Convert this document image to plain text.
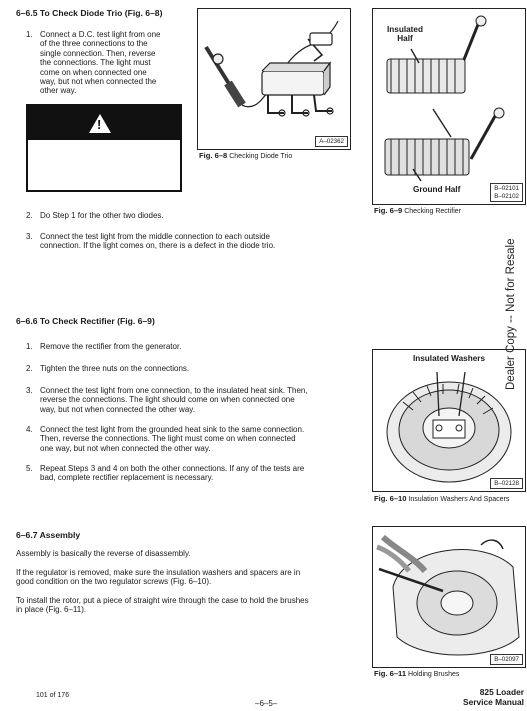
6–6.5 To Check Diode Trio (Fig. 6–8)
1. Connect a D.C. test light from one
of the three connections to the
single connection. Then, reverse
the connections. The light must
come on when connected one
way, but not when connected the
other way.
!
A–02362
Fig. 6–8 Checking Diode Trio
2. Do Step 1 for the other two diodes.
3. Connect the test light from the middle connection to each outside
connection. If the light comes on, there is a defect in the diode trio.
Insulated
Half
Ground Half	B–02101
B–02102
Fig. 6–9 Checking Rectifier
6–6.6 To Check Rectifier (Fig. 6–9)
1. Remove the rectifier from the generator.
2. Tighten the three nuts on the connections.
3. Connect the test light from one connection, to the insulated heat sink. Then,
reverse the connections. The light should come on when connected one
way, but not when connected the other way.
4. Connect the test light from the grounded heat sink to the same connection.
Then, reverse the connections. The light must come on when connected
one way, but not when connected the other way.
5. Repeat Steps 3 and 4 on both the other connections. If any of the tests are
bad, complete rectifier replacement is necessary.
Insulated Washers
B–02128
Fig. 6–10 Insulation Washers And Spacers
6–6.7 Assembly
Assembly is basically the reverse of disassembly.
If the regulator is removed, make sure the insulation washers and spacers are in
good condition on the two regulator screws (Fig. 6–10).
To install the rotor, put a piece of straight wire through the case to hold the brushes
in place (Fig. 6–11).
B–02097
Fig. 6–11 Holding Brushes
Dealer Copy -- Not for Resale
101 of 176
–6–5–
825 Loader
Service Manual
